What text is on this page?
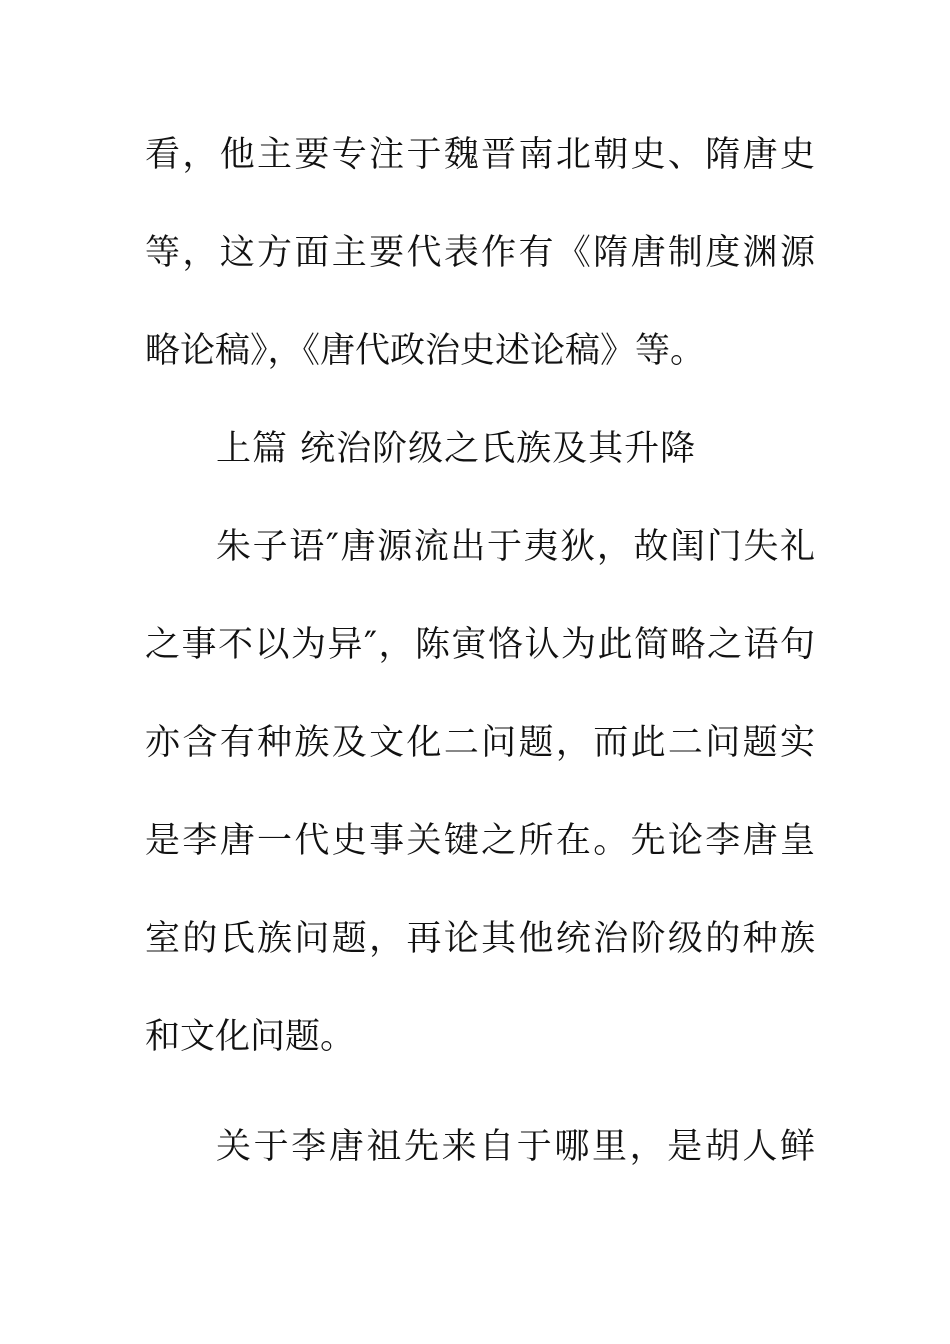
看，他主要专注于魏晋南北朝史、隋唐史
等，这方面主要代表作有《隋唐制度渊源
略论稿》，《唐代政治史述论稿》等。
上篇 统治阶级之氏族及其升降
朱子语″唐源流出于夷狄，故闺门失礼
之事不以为异″，陈寅恪认为此简略之语句
亦含有种族及文化二问题，而此二问题实
是李唐一代史事关键之所在。先论李唐皇
室的氏族问题，再论其他统治阶级的种族
和文化问题。
关于李唐祖先来自于哪里，是胡人鲜
